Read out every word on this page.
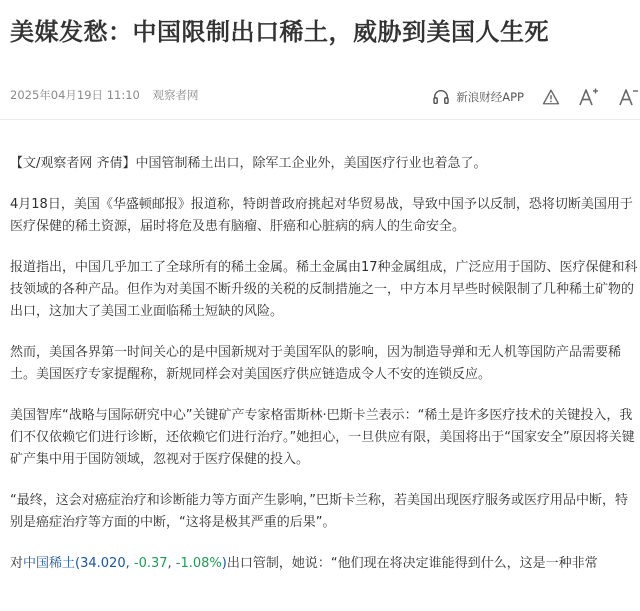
美媒发愁：中国限制出口稀土，威胁到美国人生死
2025年04月19日 11:10 观察者网	新浪财经APP

【文/观察者网 齐倩】中国管制稀土出口，除军工企业外，美国医疗行业也着急了。

4月18日，美国《华盛顿邮报》报道称，特朗普政府挑起对华贸易战，导致中国予以反制，恐将切断美国用于医疗保健的稀土资源，届时将危及患有脑瘤、肝癌和心脏病的病人的生命安全。

报道指出，中国几乎加工了全球所有的稀土金属。稀土金属由17种金属组成，广泛应用于国防、医疗保健和科技领域的各种产品。但作为对美国不断升级的关税的反制措施之一，中方本月早些时候限制了几种稀土矿物的出口，这加大了美国工业面临稀土短缺的风险。

然而，美国各界第一时间关心的是中国新规对于美国军队的影响，因为制造导弹和无人机等国防产品需要稀土。美国医疗专家提醒称，新规同样会对美国医疗供应链造成令人不安的连锁反应。

美国智库“战略与国际研究中心”关键矿产专家格雷斯林·巴斯卡兰表示：“稀土是许多医疗技术的关键投入，我们不仅依赖它们进行诊断，还依赖它们进行治疗。”她担心，一旦供应有限，美国将出于“国家安全”原因将关键矿产集中用于国防领域，忽视对于医疗保健的投入。

“最终，这会对癌症治疗和诊断能力等方面产生影响，”巴斯卡兰称，若美国出现医疗服务或医疗用品中断，特别是癌症治疗等方面的中断，“这将是极其严重的后果”。

对中国稀土(34.020, -0.37, -1.08%)出口管制，她说：“他们现在将决定谁能得到什么，这是一种非常
